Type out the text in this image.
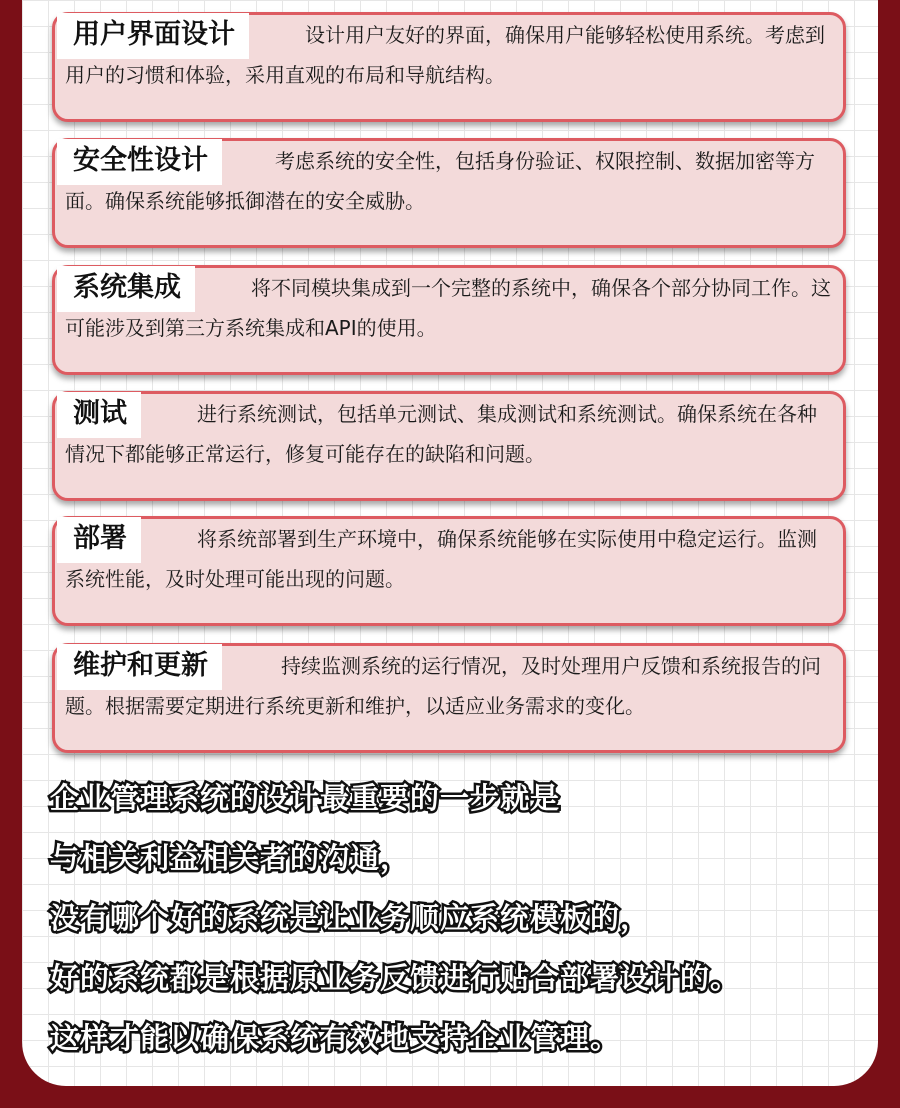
用户界面设计	设计用户友好的界面，确保用户能够轻松使用系统。考虑到用户的习惯和体验，采用直观的布局和导航结构。

安全性设计	考虑系统的安全性，包括身份验证、权限控制、数据加密等方面。确保系统能够抵御潜在的安全威胁。

系统集成	将不同模块集成到一个完整的系统中，确保各个部分协同工作。这可能涉及到第三方系统集成和API的使用。

测试	进行系统测试，包括单元测试、集成测试和系统测试。确保系统在各种情况下都能够正常运行，修复可能存在的缺陷和问题。

部署	将系统部署到生产环境中，确保系统能够在实际使用中稳定运行。监测系统性能，及时处理可能出现的问题。

维护和更新	持续监测系统的运行情况，及时处理用户反馈和系统报告的问题。根据需要定期进行系统更新和维护，以适应业务需求的变化。

企业管理系统的设计最重要的一步就是
与相关利益相关者的沟通，
没有哪个好的系统是让业务顺应系统模板的，
好的系统都是根据原业务反馈进行贴合部署设计的。
这样才能以确保系统有效地支持企业管理。
